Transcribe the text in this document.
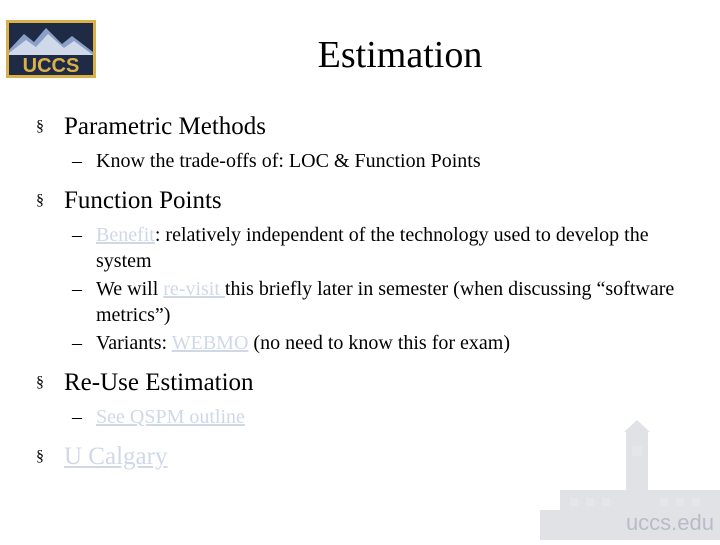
UCCS	Estimation
§ Parametric Methods
– Know the trade-offs of: LOC & Function Points
§ Function Points
– Benefit: relatively independent of the technology used to develop the system
– We will re-visit this briefly later in semester (when discussing “software metrics”)
– Variants: WEBMO (no need to know this for exam)
§ Re-Use Estimation
– See QSPM outline
§ U Calgary
uccs.edu
